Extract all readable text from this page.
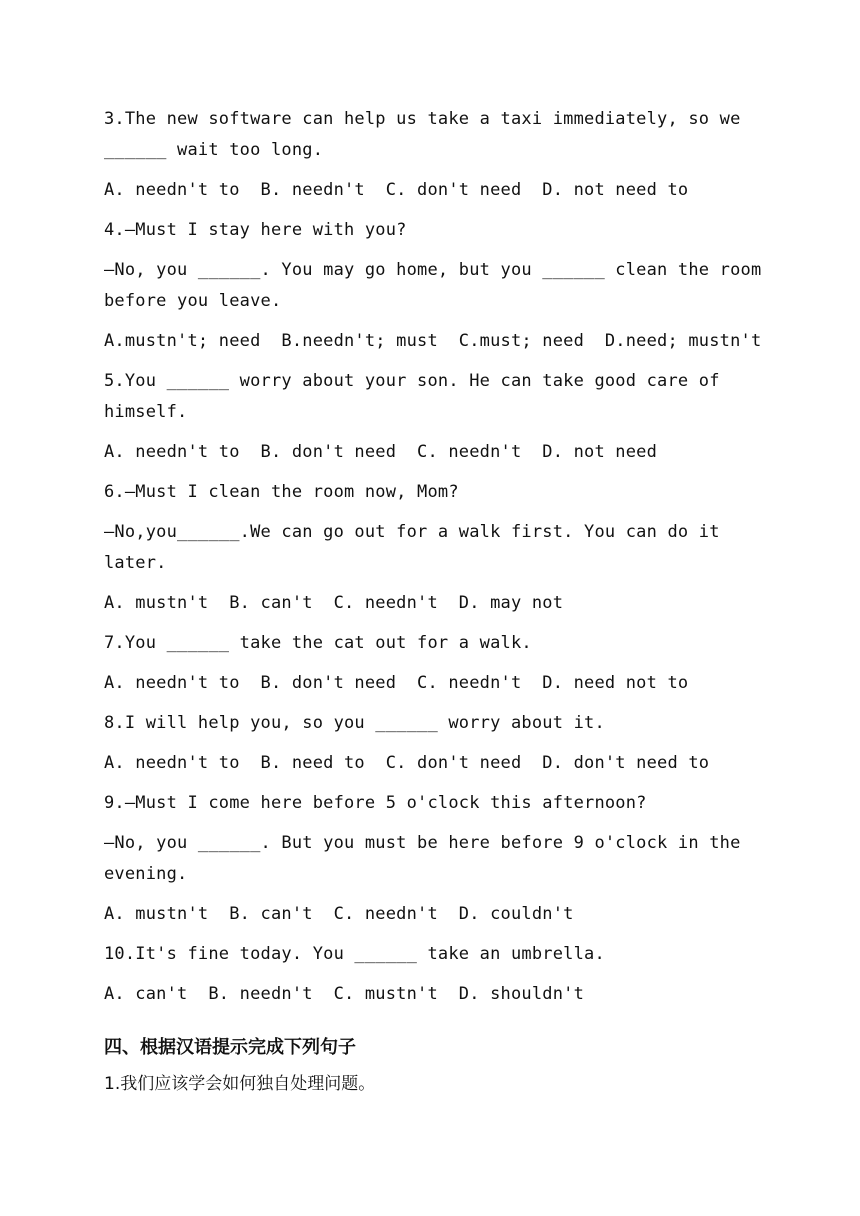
3.The new software can help us take a taxi immediately, so we ______ wait too long.
A. needn't to  B. needn't  C. don't need  D. not need to
4.—Must I stay here with you?
—No, you ______. You may go home, but you ______ clean the room before you leave.
A.mustn't; need  B.needn't; must  C.must; need  D.need; mustn't
5.You ______ worry about your son. He can take good care of himself.
A. needn't to  B. don't need  C. needn't  D. not need
6.—Must I clean the room now, Mom?
—No,you______.We can go out for a walk first. You can do it later.
A. mustn't  B. can't  C. needn't  D. may not
7.You ______ take the cat out for a walk.
A. needn't to  B. don't need  C. needn't  D. need not to
8.I will help you, so you ______ worry about it.
A. needn't to  B. need to  C. don't need  D. don't need to
9.—Must I come here before 5 o'clock this afternoon?
—No, you ______. But you must be here before 9 o'clock in the evening.
A. mustn't  B. can't  C. needn't  D. couldn't
10.It's fine today. You ______ take an umbrella.
A. can't  B. needn't  C. mustn't  D. shouldn't
四、根据汉语提示完成下列句子
1.我们应该学会如何独自处理问题。
